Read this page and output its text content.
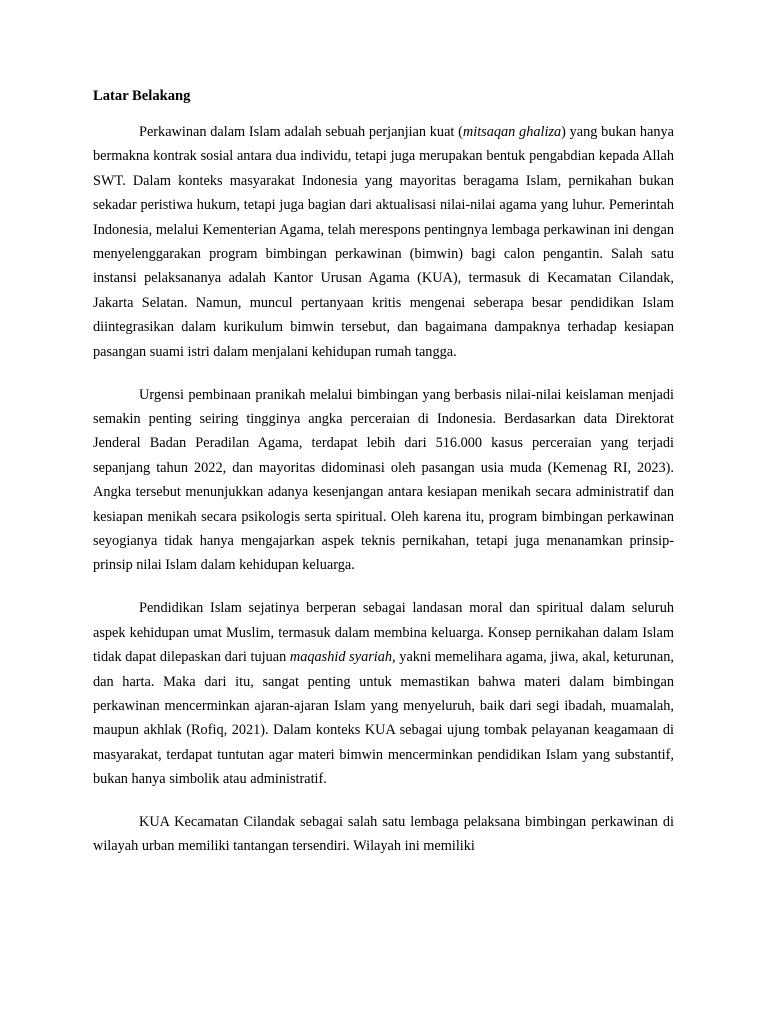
Latar Belakang

Perkawinan dalam Islam adalah sebuah perjanjian kuat (mitsaqan ghaliza) yang bukan hanya bermakna kontrak sosial antara dua individu, tetapi juga merupakan bentuk pengabdian kepada Allah SWT. Dalam konteks masyarakat Indonesia yang mayoritas beragama Islam, pernikahan bukan sekadar peristiwa hukum, tetapi juga bagian dari aktualisasi nilai-nilai agama yang luhur. Pemerintah Indonesia, melalui Kementerian Agama, telah merespons pentingnya lembaga perkawinan ini dengan menyelenggarakan program bimbingan perkawinan (bimwin) bagi calon pengantin. Salah satu instansi pelaksananya adalah Kantor Urusan Agama (KUA), termasuk di Kecamatan Cilandak, Jakarta Selatan. Namun, muncul pertanyaan kritis mengenai seberapa besar pendidikan Islam diintegrasikan dalam kurikulum bimwin tersebut, dan bagaimana dampaknya terhadap kesiapan pasangan suami istri dalam menjalani kehidupan rumah tangga.

Urgensi pembinaan pranikah melalui bimbingan yang berbasis nilai-nilai keislaman menjadi semakin penting seiring tingginya angka perceraian di Indonesia. Berdasarkan data Direktorat Jenderal Badan Peradilan Agama, terdapat lebih dari 516.000 kasus perceraian yang terjadi sepanjang tahun 2022, dan mayoritas didominasi oleh pasangan usia muda (Kemenag RI, 2023). Angka tersebut menunjukkan adanya kesenjangan antara kesiapan menikah secara administratif dan kesiapan menikah secara psikologis serta spiritual. Oleh karena itu, program bimbingan perkawinan seyogianya tidak hanya mengajarkan aspek teknis pernikahan, tetapi juga menanamkan prinsip-prinsip nilai Islam dalam kehidupan keluarga.

Pendidikan Islam sejatinya berperan sebagai landasan moral dan spiritual dalam seluruh aspek kehidupan umat Muslim, termasuk dalam membina keluarga. Konsep pernikahan dalam Islam tidak dapat dilepaskan dari tujuan maqashid syariah, yakni memelihara agama, jiwa, akal, keturunan, dan harta. Maka dari itu, sangat penting untuk memastikan bahwa materi dalam bimbingan perkawinan mencerminkan ajaran-ajaran Islam yang menyeluruh, baik dari segi ibadah, muamalah, maupun akhlak (Rofiq, 2021). Dalam konteks KUA sebagai ujung tombak pelayanan keagamaan di masyarakat, terdapat tuntutan agar materi bimwin mencerminkan pendidikan Islam yang substantif, bukan hanya simbolik atau administratif.

KUA Kecamatan Cilandak sebagai salah satu lembaga pelaksana bimbingan perkawinan di wilayah urban memiliki tantangan tersendiri. Wilayah ini memiliki
